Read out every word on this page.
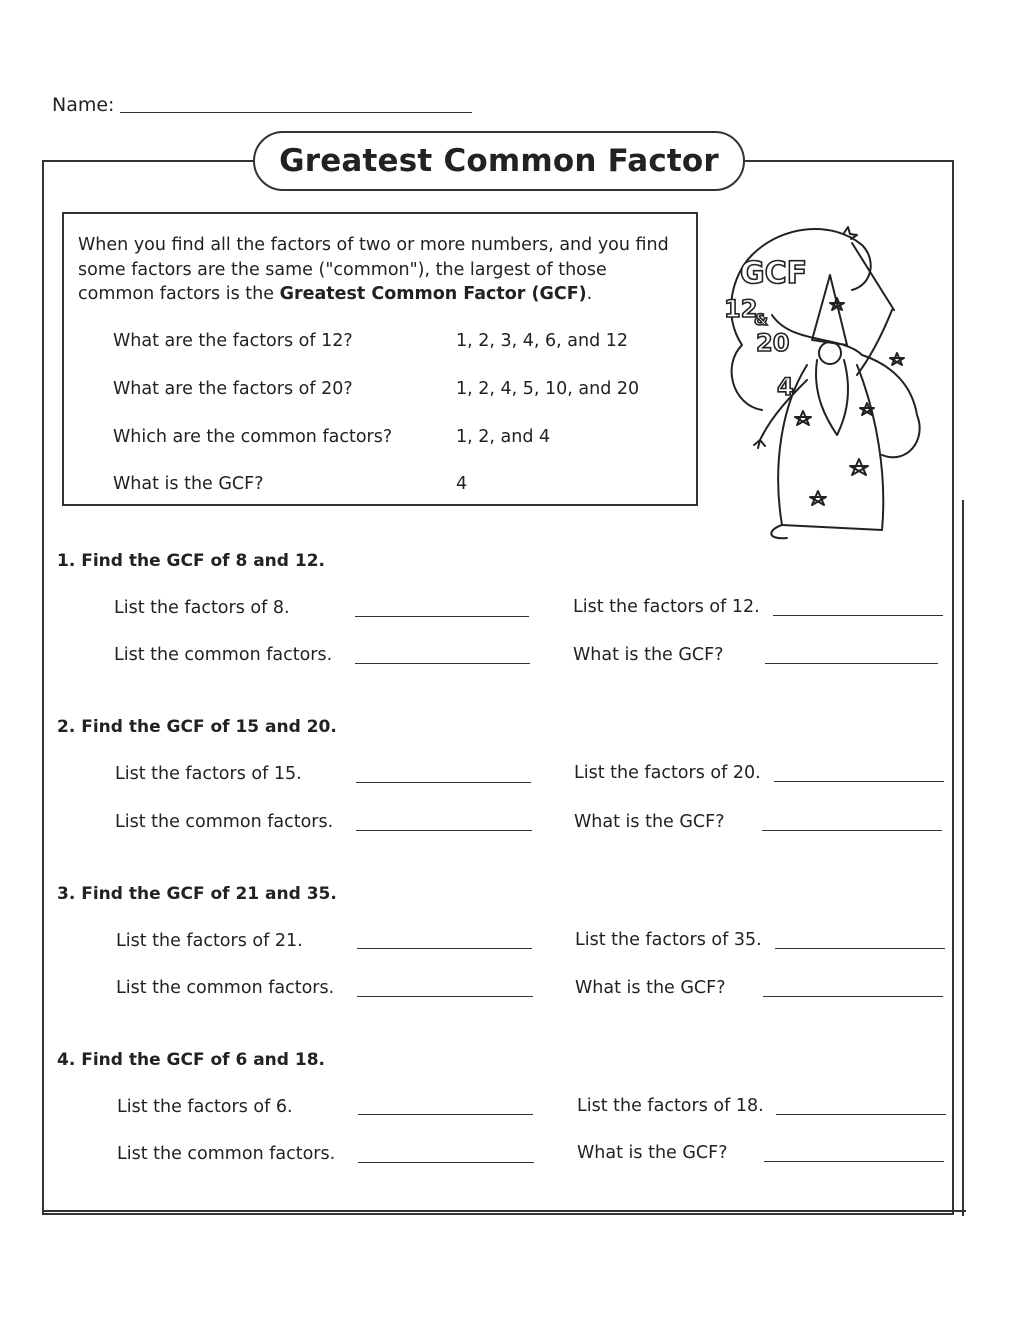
Name:
Greatest Common Factor
When you find all the factors of two or more numbers, and you find some factors are the same ("common"), the largest of those common factors is the Greatest Common Factor (GCF).
What are the factors of 12?	1, 2, 3, 4, 6, and 12
What are the factors of 20?	1, 2, 4, 5, 10, and 20
Which are the common factors?	1, 2, and 4
What is the GCF?	4
GCF
12
&
20
4
1. Find the GCF of 8 and 12.
List the factors of 8.	List the factors of 12.
List the common factors.	What is the GCF?
2. Find the GCF of 15 and 20.
List the factors of 15.	List the factors of 20.
List the common factors.	What is the GCF?
3. Find the GCF of 21 and 35.
List the factors of 21.	List the factors of 35.
List the common factors.	What is the GCF?
4. Find the GCF of 6 and 18.
List the factors of 6.	List the factors of 18.
List the common factors.	What is the GCF?
